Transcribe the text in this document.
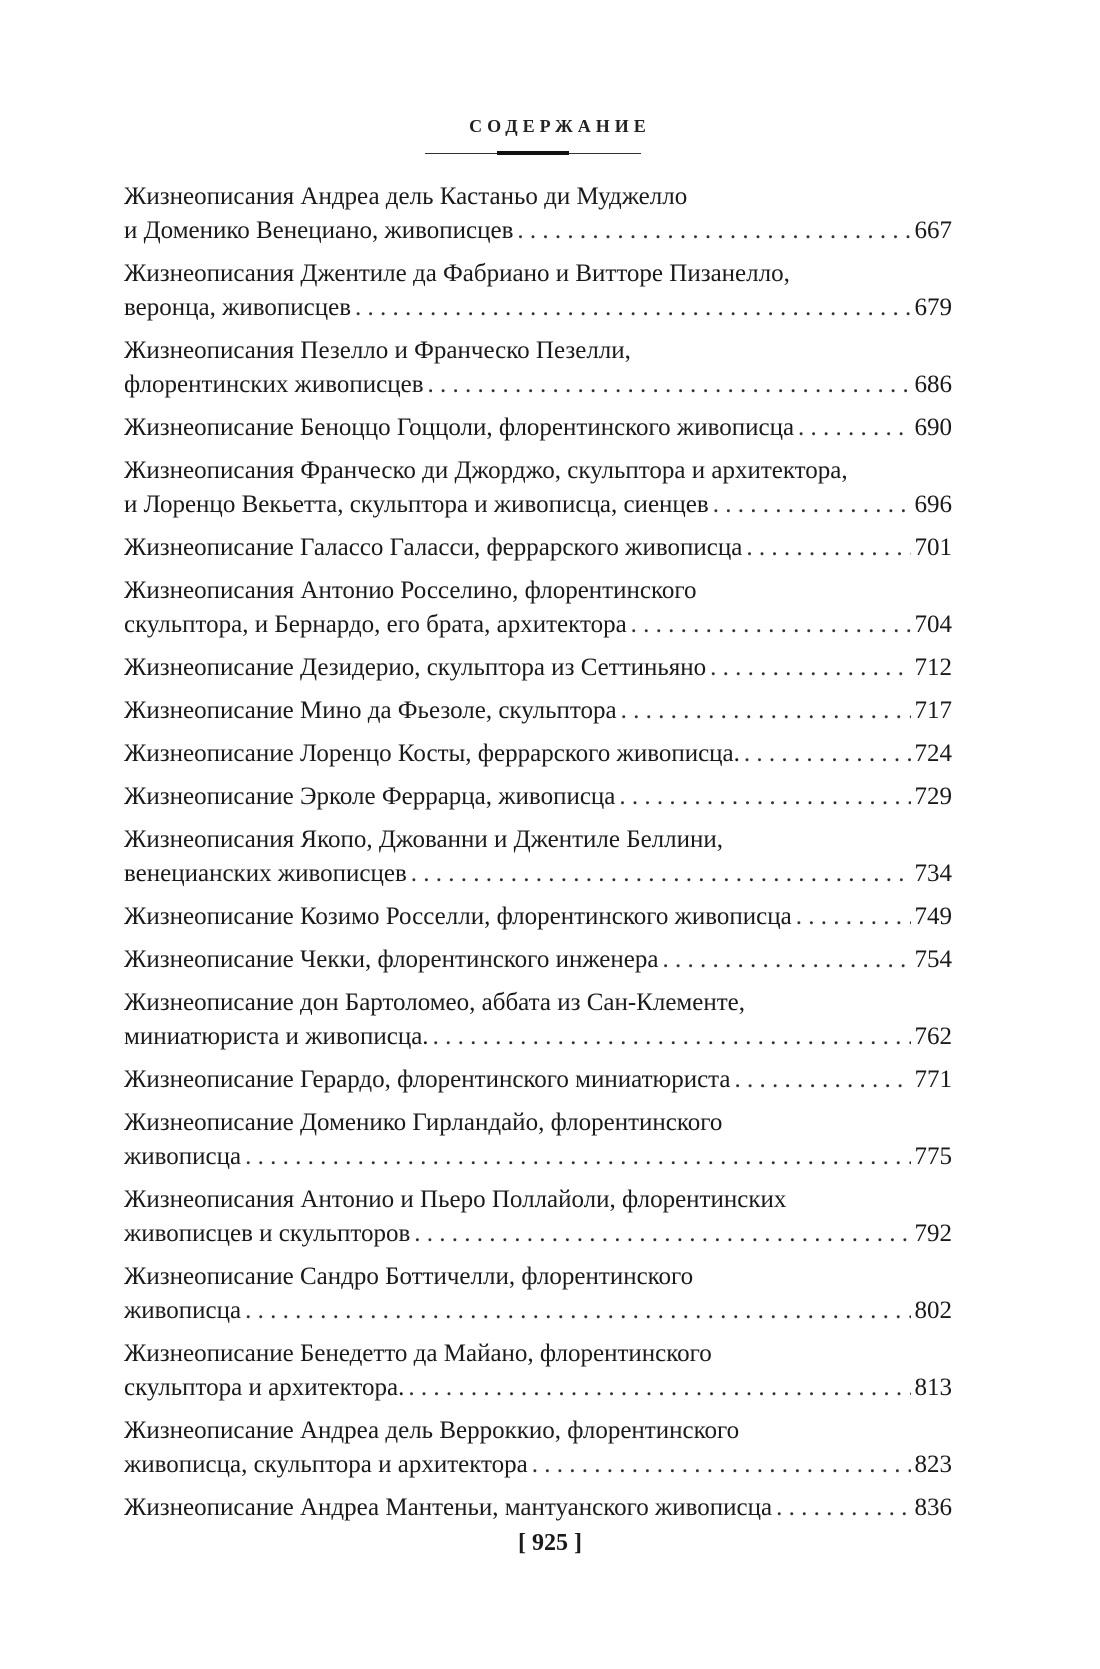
СОДЕРЖАНИЕ
Жизнеописания Андреа дель Кастаньо ди Муджелло
и Доменико Венециано, живописцев . . .	667
Жизнеописания Джентиле да Фабриано и Витторе Пизанелло,
веронца, живописцев . . .	679
Жизнеописания Пезелло и Франческо Пезелли,
флорентинских живописцев . . .	686
Жизнеописание Беноццо Гоццоли, флорентинского живописца . . .	690
Жизнеописания Франческо ди Джорджо, скульптора и архитектора,
и Лоренцо Векьетта, скульптора и живописца, сиенцев . . .	696
Жизнеописание Галассо Галасси, феррарского живописца . . .	701
Жизнеописания Антонио Росселино, флорентинского
скульптора, и Бернардо, его брата, архитектора . . .	704
Жизнеописание Дезидерио, скульптора из Сеттиньяно . . .	712
Жизнеописание Мино да Фьезоле, скульптора . . .	717
Жизнеописание Лоренцо Косты, феррарского живописца. . . .	724
Жизнеописание Эрколе Феррарца, живописца . . .	729
Жизнеописания Якопо, Джованни и Джентиле Беллини,
венецианских живописцев . . .	734
Жизнеописание Козимо Росселли, флорентинского живописца . . .	749
Жизнеописание Чекки, флорентинского инженера . . .	754
Жизнеописание дон Бартоломео, аббата из Сан-Клементе,
миниатюриста и живописца. . . .	762
Жизнеописание Герардо, флорентинского миниатюриста . . .	771
Жизнеописание Доменико Гирландайо, флорентинского
живописца . . .	775
Жизнеописания Антонио и Пьеро Поллайоли, флорентинских
живописцев и скульпторов . . .	792
Жизнеописание Сандро Боттичелли, флорентинского
живописца . . .	802
Жизнеописание Бенедетто да Майано, флорентинского
скульптора и архитектора. . . .	813
Жизнеописание Андреа дель Верроккио, флорентинского
живописца, скульптора и архитектора . . .	823
Жизнеописание Андреа Мантеньи, мантуанского живописца . . .	836
[ 925 ]
